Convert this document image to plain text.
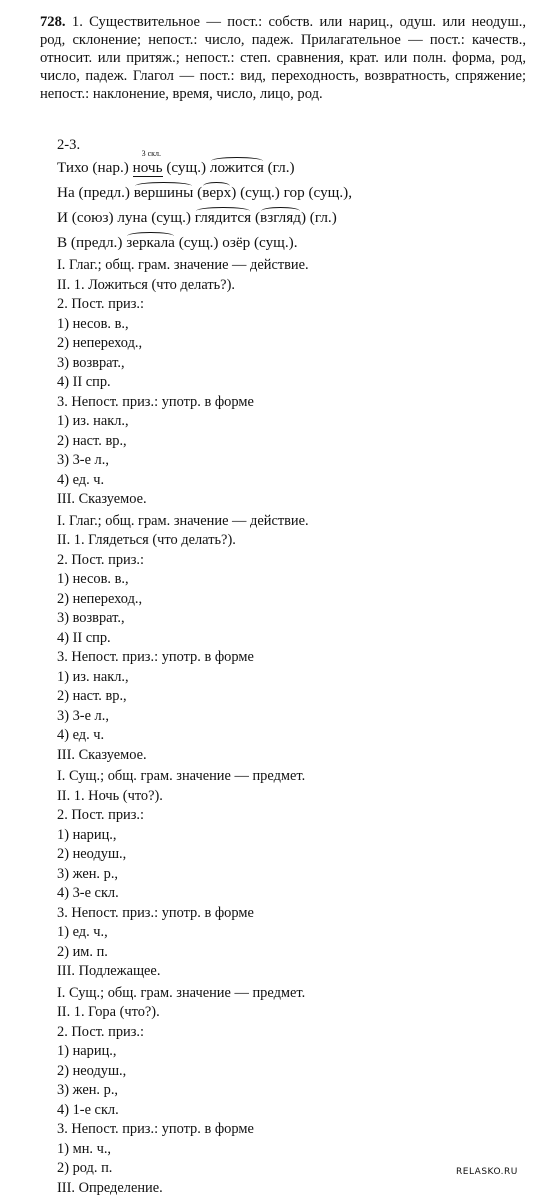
728. 1. Существительное — пост.: собств. или нариц., одуш. или неодуш., род, склонение; непост.: число, падеж. Прилагательное — пост.: качеств., относит. или притяж.; непост.: степ. сравнения, крат. или полн. форма, род, число, падеж. Глагол — пост.: вид, переходность, возвратность, спряжение; непост.: наклонение, время, число, лицо, род.
2-3.
Тихо (нар.)
3 скл.
ночь (сущ.)
ложится (гл.)
На (предл.)
вершины (
верх) (сущ.) гор (сущ.),
И (союз) луна (сущ.)
глядится (
взгляд) (гл.)
В (предл.)
зеркала (сущ.) озёр (сущ.).
I. Глаг.; общ. грам. значение — действие.
II. 1. Ложиться (что делать?).
2. Пост. приз.:
1) несов. в.,
2) непереход.,
3) возврат.,
4) II спр.
3. Непост. приз.: употр. в форме
1) из. накл.,
2) наст. вр.,
3) 3-е л.,
4) ед. ч.
III. Сказуемое.
I. Глаг.; общ. грам. значение — действие.
II. 1. Глядеться (что делать?).
2. Пост. приз.:
1) несов. в.,
2) непереход.,
3) возврат.,
4) II спр.
3. Непост. приз.: употр. в форме
1) из. накл.,
2) наст. вр.,
3) 3-е л.,
4) ед. ч.
III. Сказуемое.
I. Сущ.; общ. грам. значение — предмет.
II. 1. Ночь (что?).
2. Пост. приз.:
1) нариц.,
2) неодуш.,
3) жен. р.,
4) 3-е скл.
3. Непост. приз.: употр. в форме
1) ед. ч.,
2) им. п.
III. Подлежащее.
I. Сущ.; общ. грам. значение — предмет.
II. 1. Гора (что?).
2. Пост. приз.:
1) нариц.,
2) неодуш.,
3) жен. р.,
4) 1-е скл.
3. Непост. приз.: употр. в форме
1) мн. ч.,
2) род. п.
III. Определение.
RELASKO.RU
